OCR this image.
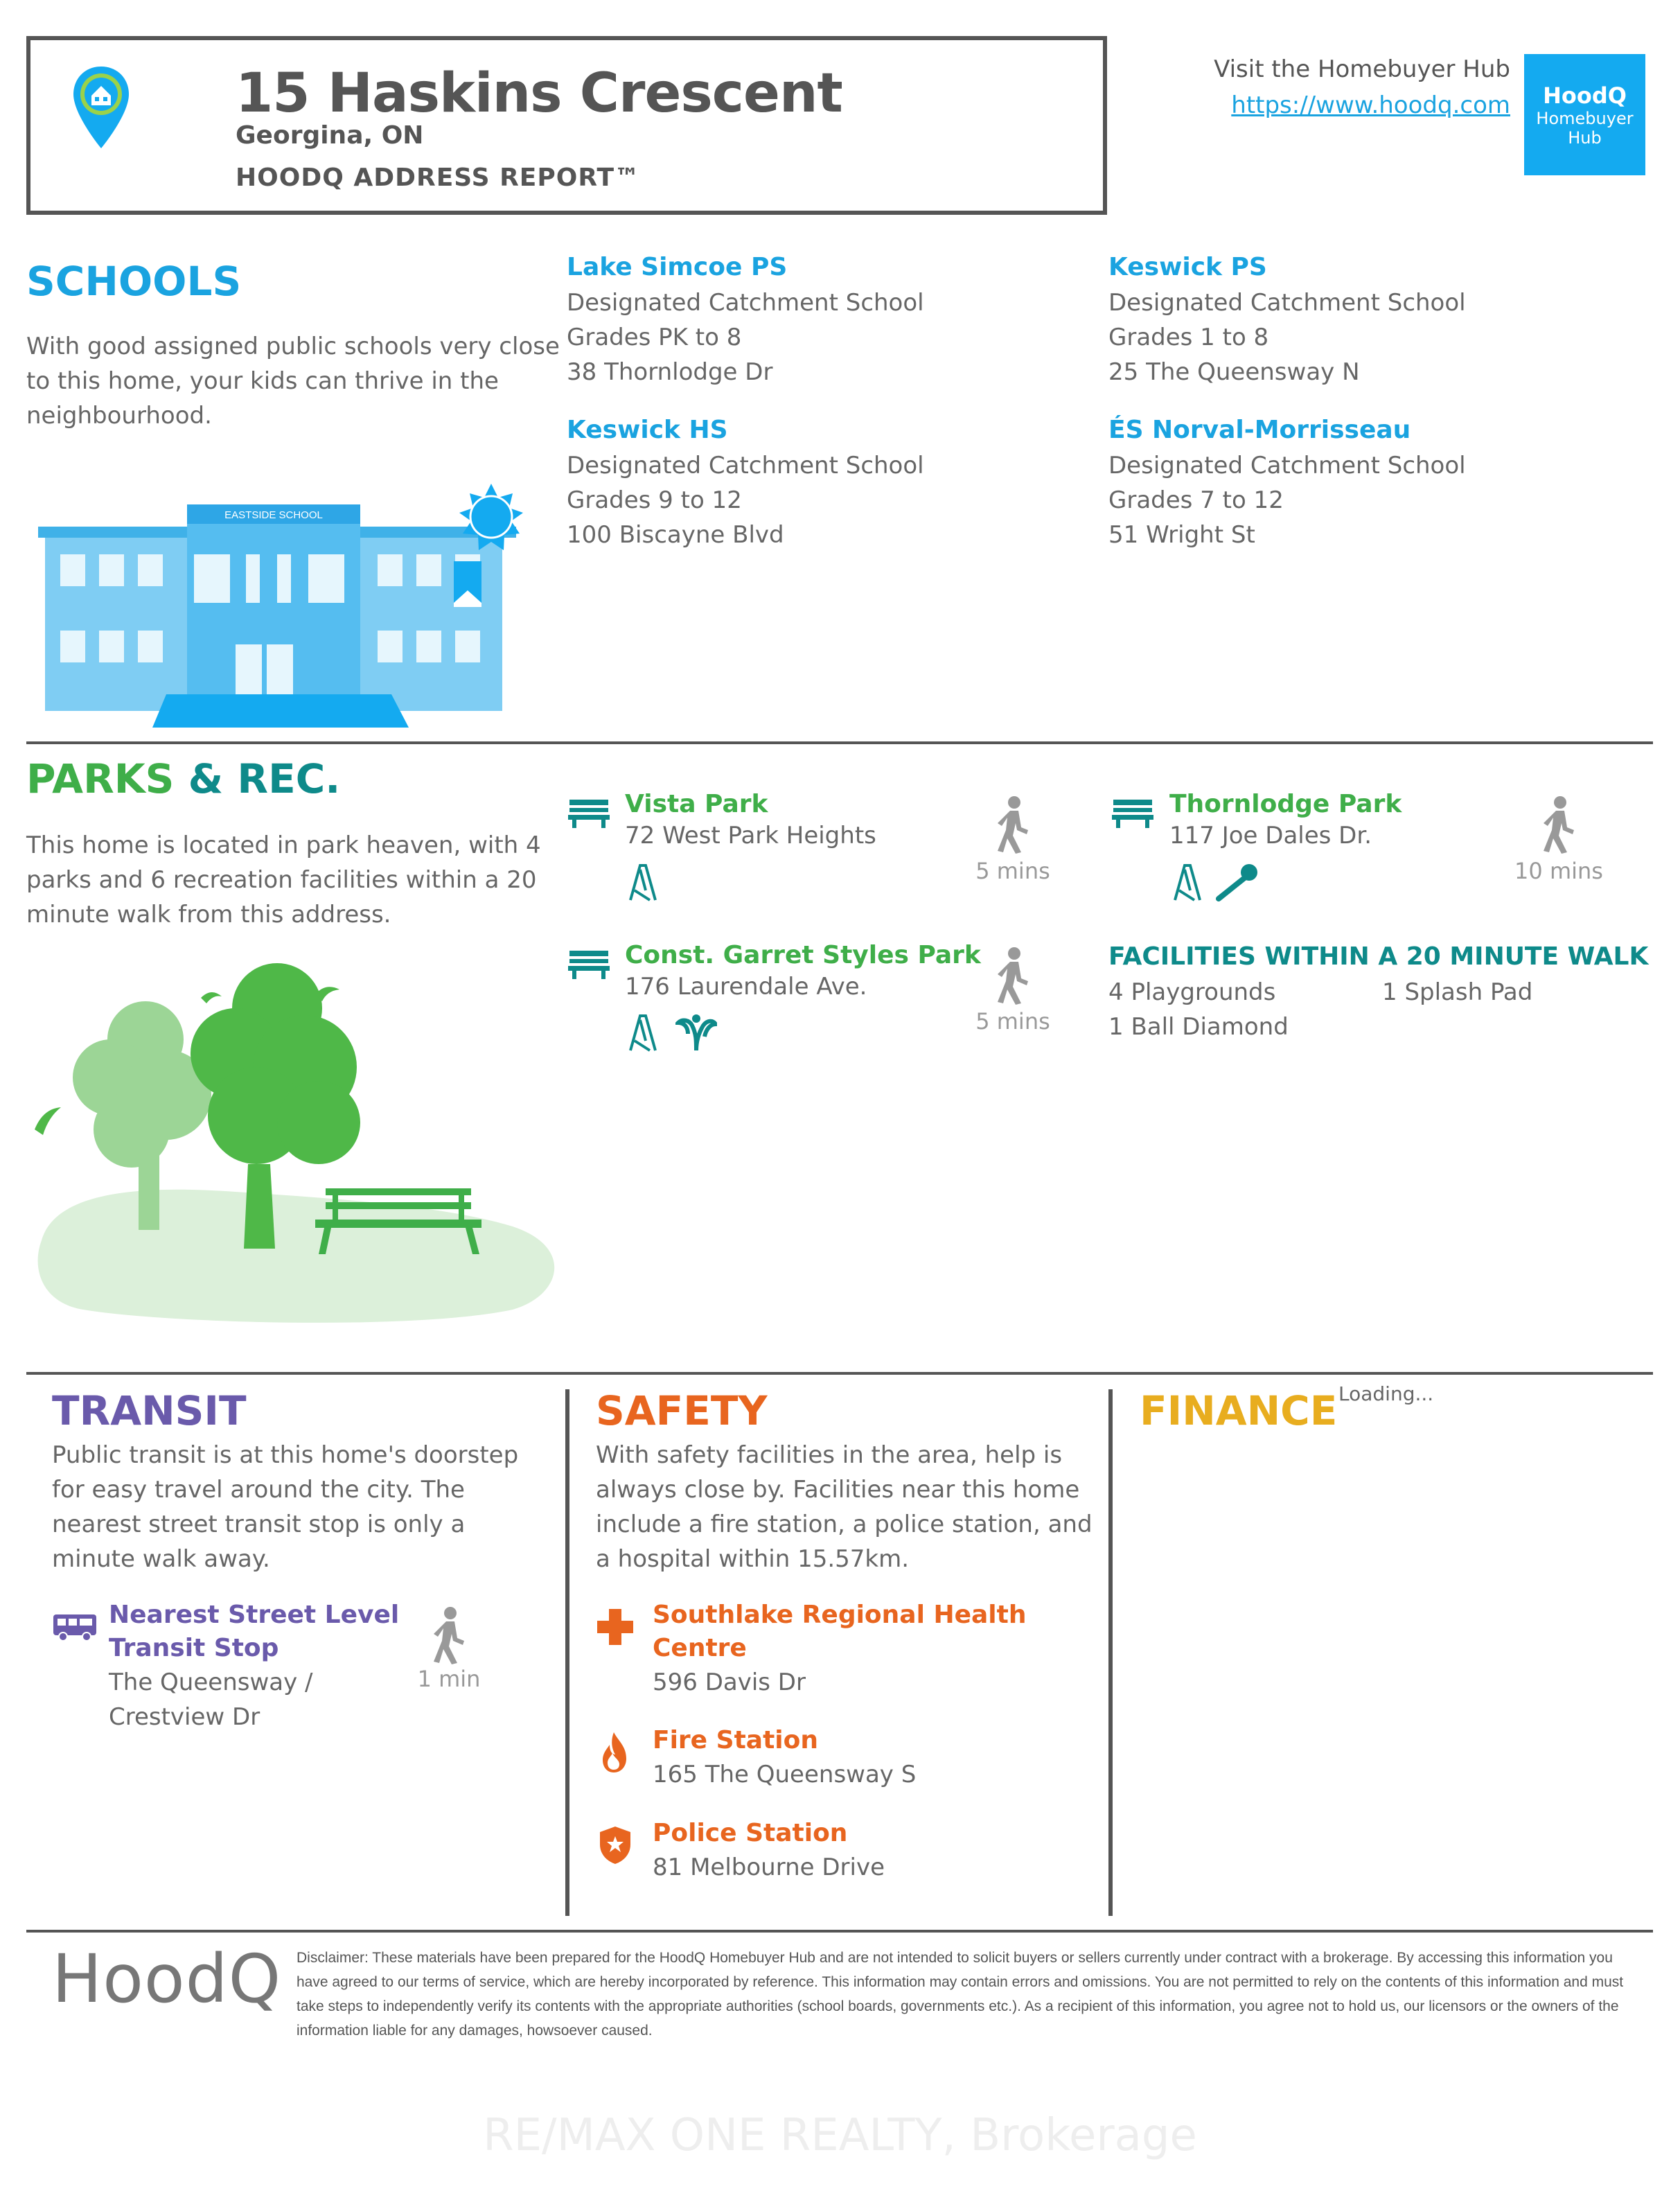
15 Haskins Crescent
Georgina, ON
HOODQ ADDRESS REPORT™
Visit the Homebuyer Hub
https://www.hoodq.com HoodQ
Homebuyer
Hub
SCHOOLS
With good assigned public schools very close to this home, your kids can thrive in the neighbourhood.
EASTSIDE SCHOOL
Lake Simcoe PS
Designated Catchment School
Grades PK to 8
38 Thornlodge Dr
Keswick PS
Designated Catchment School
Grades 1 to 8
25 The Queensway N
Keswick HS
Designated Catchment School
Grades 9 to 12
100 Biscayne Blvd
ÉS Norval-Morrisseau
Designated Catchment School
Grades 7 to 12
51 Wright St
PARKS & REC.
This home is located in park heaven, with 4 parks and 6 recreation facilities within a 20 minute walk from this address.
Vista Park
72 West Park Heights
5 mins
Thornlodge Park
117 Joe Dales Dr.
10 mins
Const. Garret Styles Park
176 Laurendale Ave.
5 mins
FACILITIES WITHIN A 20 MINUTE WALK
4 Playgrounds	1 Splash Pad
1 Ball Diamond
TRANSIT
Public transit is at this home's doorstep for easy travel around the city. The nearest street transit stop is only a minute walk away.
Nearest Street Level
Transit Stop
The Queensway /
Crestview Dr
1 min
SAFETY
With safety facilities in the area, help is always close by. Facilities near this home include a fire station, a police station, and a hospital within 15.57km.
Southlake Regional Health
Centre
596 Davis Dr
Fire Station
165 The Queensway S
Police Station
81 Melbourne Drive
FINANCE Loading...
HoodQ Disclaimer: These materials have been prepared for the HoodQ Homebuyer Hub and are not intended to solicit buyers or sellers currently under contract with a brokerage. By accessing this information you have agreed to our terms of service, which are hereby incorporated by reference. This information may contain errors and omissions. You are not permitted to rely on the contents of this information and must take steps to independently verify its contents with the appropriate authorities (school boards, governments etc.). As a recipient of this information, you agree not to hold us, our licensors or the owners of the information liable for any damages, howsoever caused.
RE/MAX ONE REALTY, Brokerage
